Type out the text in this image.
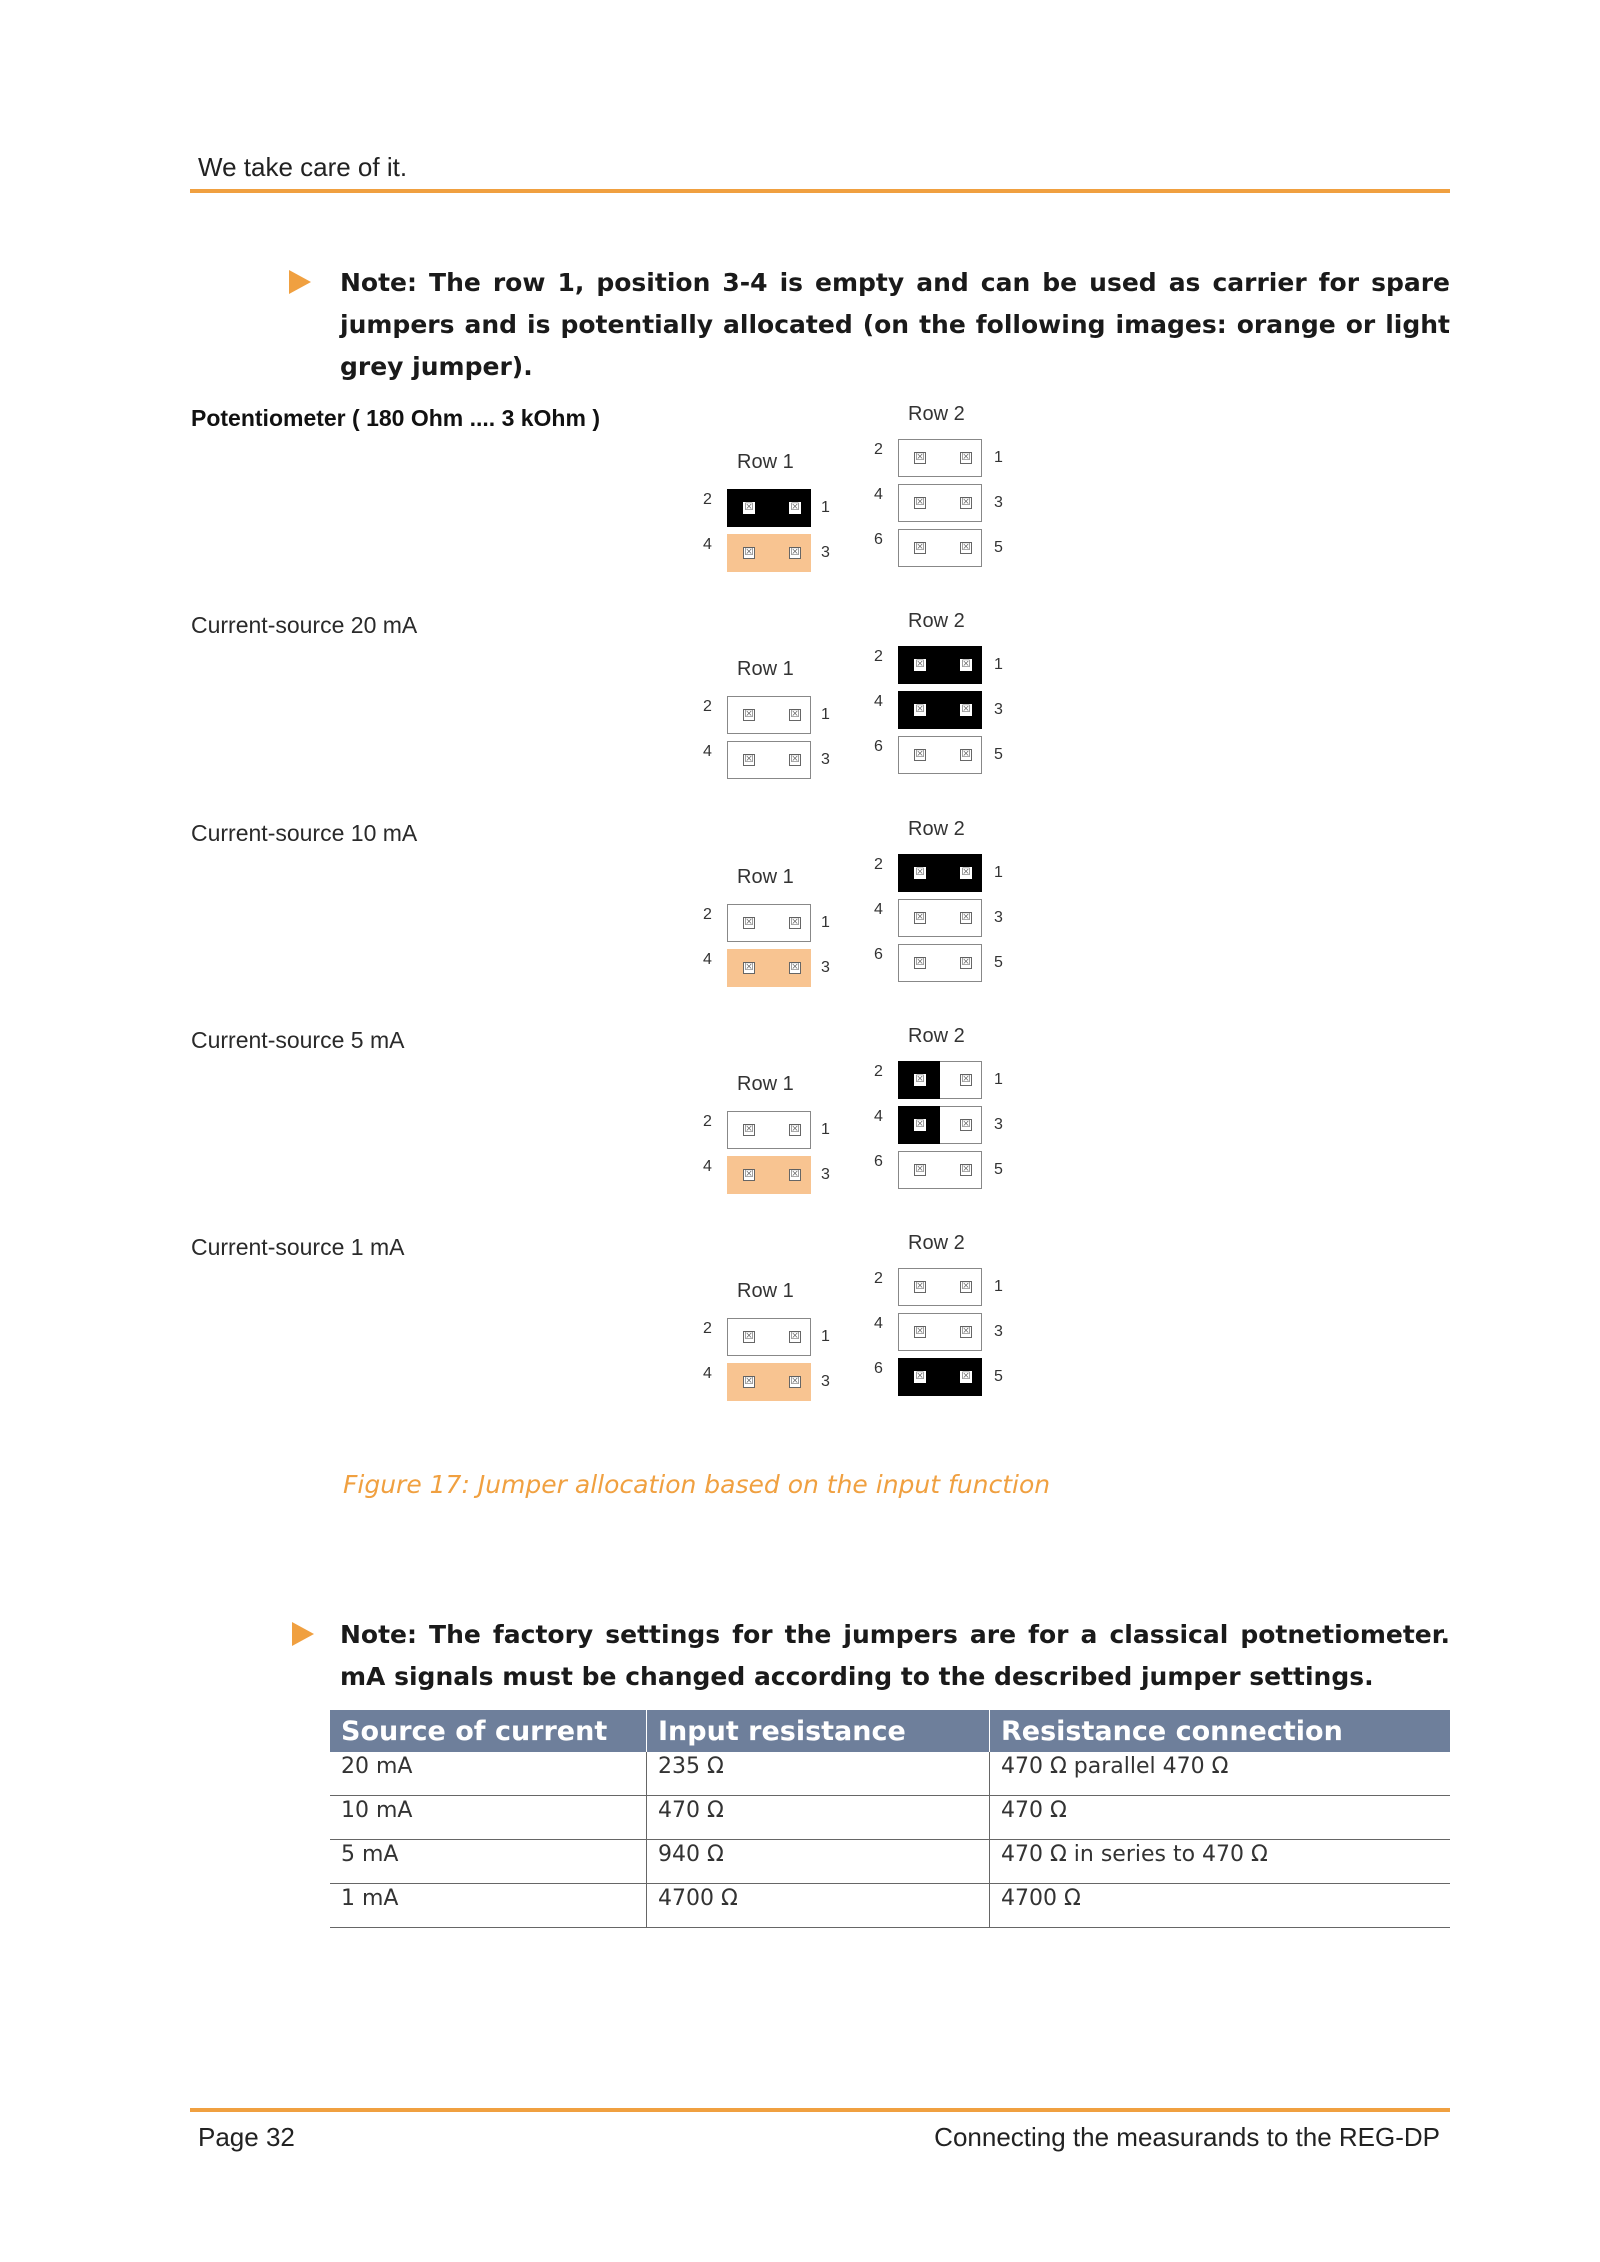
We take care of it.
Note: The row 1, position 3-4 is empty and can be used as carrier for spare jumpers and is potentially allocated (on the following images: orange or light grey jumper).
Potentiometer ( 180 Ohm .... 3 kOhm )	Row 2
2	1
☒	☒
4	3
☒	☒
6	5
☒	☒
Row 1
2	1
☒	☒
4	3
☒	☒
Current-source 20 mA	Row 2
2	1
☒	☒
4	3
☒	☒
6	5
☒	☒
Row 1
2	1
☒	☒
4	3
☒	☒
Current-source 10 mA	Row 2
2	1
☒	☒
4	3
☒	☒
6	5
☒	☒
Row 1
2	1
☒	☒
4	3
☒	☒
Current-source 5 mA	Row 2
2	1
☒	☒
4	3
☒	☒
6	5
☒	☒
Row 1
2	1
☒	☒
4	3
☒	☒
Current-source 1 mA	Row 2
2	1
☒	☒
4	3
☒	☒
6	5
☒	☒
Row 1
2	1
☒	☒
4	3
☒	☒
Figure 17: Jumper allocation based on the input function
Note: The factory settings for the jumpers are for a classical potnetiometer. mA signals must be changed according to the described jumper settings.
Source of current	Input resistance	Resistance connection
20 mA	235 Ω	470 Ω parallel 470 Ω
10 mA	470 Ω	470 Ω
5 mA	940 Ω	470 Ω in series to 470 Ω
1 mA	4700 Ω	4700 Ω
Page 32	Connecting the measurands to the REG-DP
